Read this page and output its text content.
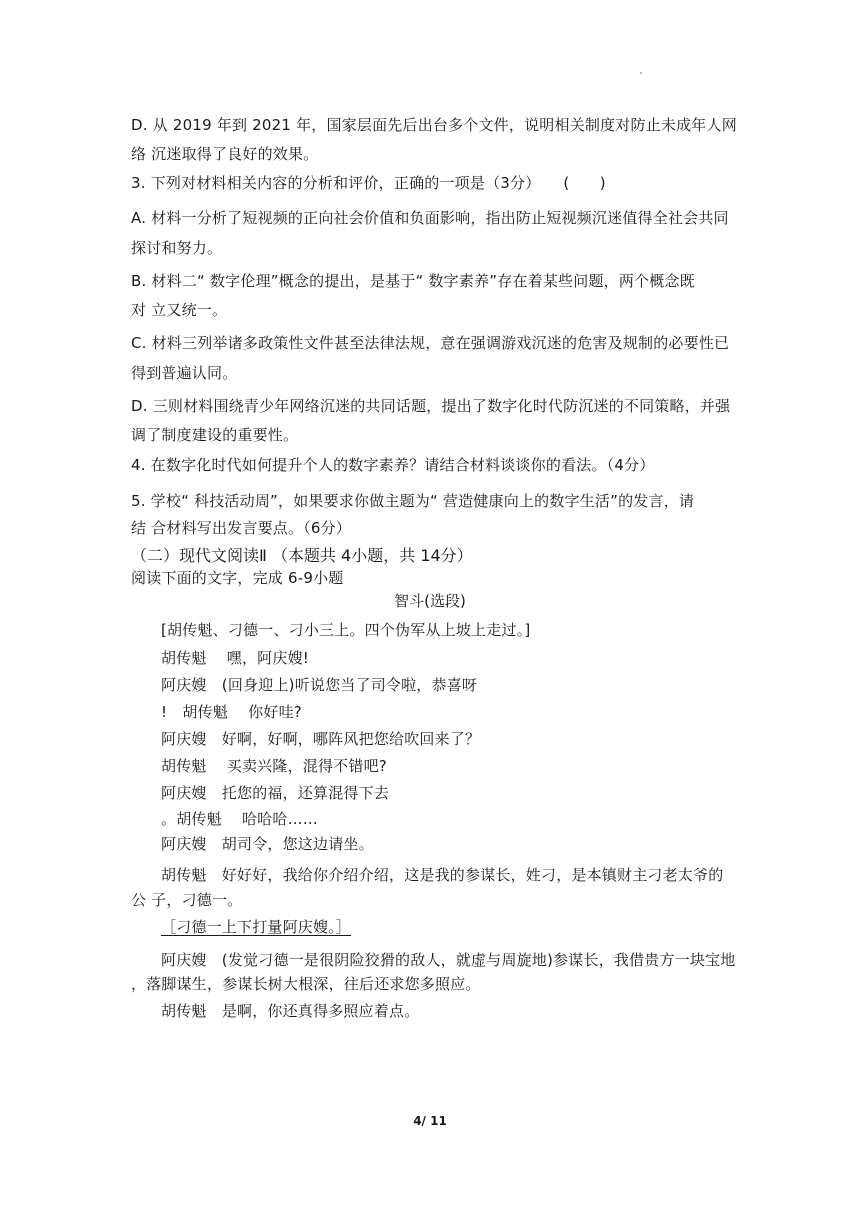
D. 从 2019 年到 2021 年，国家层面先后出台多个文件，说明相关制度对防止未成年人网
络 沉迷取得了良好的效果。
3. 下列对材料相关内容的分析和评价，正确的一项是（3分）　　(　　)
A. 材料一分析了短视频的正向社会价值和负面影响，指出防止短视频沉迷值得全社会共同
探讨和努力。
B. 材料二“ 数字伦理”概念的提出，是基于“ 数字素养”存在着某些问题，两个概念既
对 立又统一。
C. 材料三列举诸多政策性文件甚至法律法规，意在强调游戏沉迷的危害及规制的必要性已
得到普遍认同。
D. 三则材料围绕青少年网络沉迷的共同话题，提出了数字化时代防沉迷的不同策略，并强
调了制度建设的重要性。
4. 在数字化时代如何提升个人的数字素养？请结合材料谈谈你的看法。（4分）
5. 学校“ 科技活动周”，如果要求你做主题为“ 营造健康向上的数字生活”的发言，请
结 合材料写出发言要点。（6分）
（二）现代文阅读Ⅱ （本题共 4小题，共 14分）
阅读下面的文字，完成 6-9小题
智斗(选段)
[胡传魁、刁德一、刁小三上。四个伪军从上坡上走过。]
胡传魁　 嘿，阿庆嫂!
阿庆嫂　(回身迎上)听说您当了司令啦，恭喜呀
!　胡传魁　 你好哇?
阿庆嫂　好啊，好啊，哪阵风把您给吹回来了？
胡传魁　 买卖兴隆，混得不错吧?
阿庆嫂　托您的福，还算混得下去
。胡传魁　 哈哈哈……
阿庆嫂　胡司令，您这边请坐。
胡传魁　好好好，我给你介绍介绍，这是我的参谋长，姓刁，是本镇财主刁老太爷的
公 子，刁德一。
［刁德一上下打量阿庆嫂。］
阿庆嫂　(发觉刁德一是很阴险狡猾的敌人，就虚与周旋地)参谋长，我借贵方一块宝地
，落脚谋生，参谋长树大根深，往后还求您多照应。
胡传魁　是啊，你还真得多照应着点。
4/ 11
